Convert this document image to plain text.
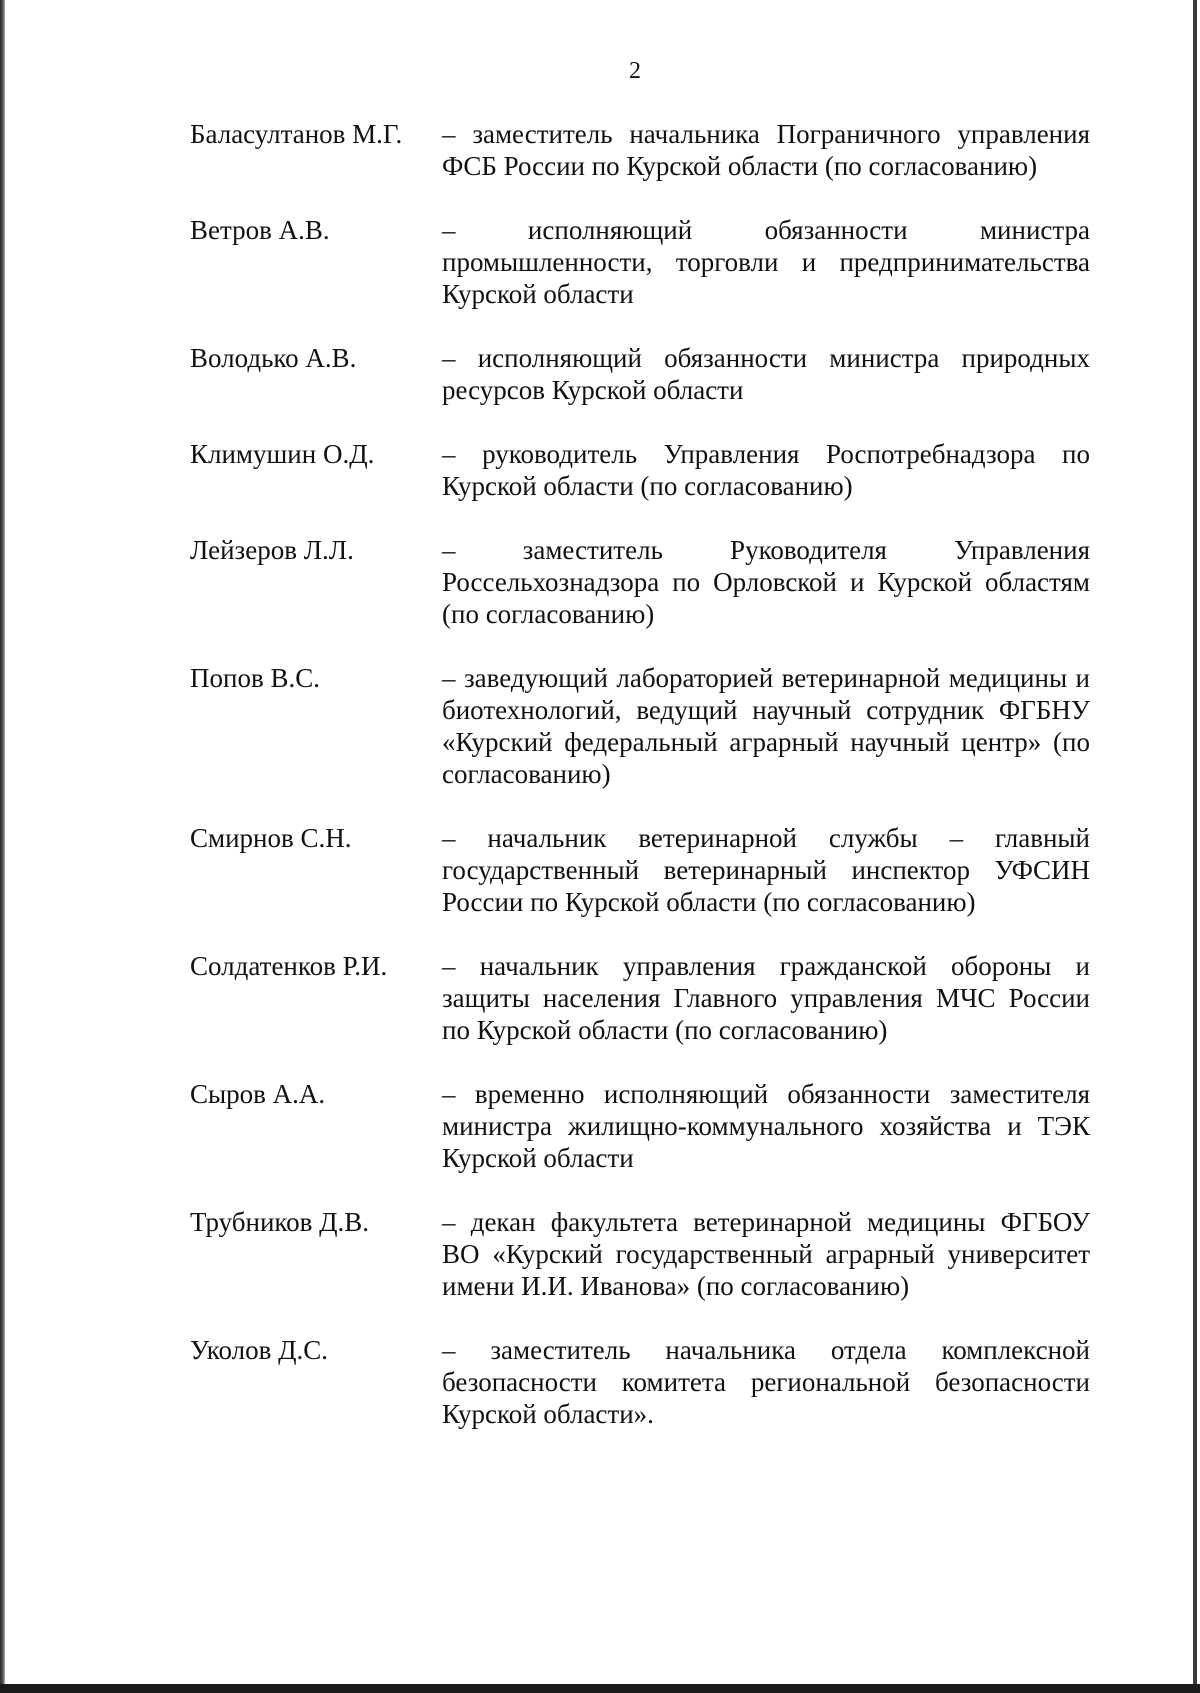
2
Баласултанов М.Г.	– заместитель начальника Пограничного управления ФСБ России по Курской области (по согласованию)
Ветров А.В.	– исполняющий обязанности министра промышленности, торговли и предпринимательства Курской области
Володько А.В.	– исполняющий обязанности министра природных ресурсов Курской области
Климушин О.Д.	– руководитель Управления Роспотребнадзора по Курской области (по согласованию)
Лейзеров Л.Л.	– заместитель Руководителя Управления Россельхознадзора по Орловской и Курской областям (по согласованию)
Попов В.С.	– заведующий лабораторией ветеринарной медицины и биотехнологий, ведущий научный сотрудник ФГБНУ «Курский федеральный аграрный научный центр» (по согласованию)
Смирнов С.Н.	– начальник ветеринарной службы – главный государственный ветеринарный инспектор УФСИН России по Курской области (по согласованию)
Солдатенков Р.И.	– начальник управления гражданской обороны и защиты населения Главного управления МЧС России по Курской области (по согласованию)
Сыров А.А.	– временно исполняющий обязанности заместителя министра жилищно-коммунального хозяйства и ТЭК Курской области
Трубников Д.В.	– декан факультета ветеринарной медицины ФГБОУ ВО «Курский государственный аграрный университет имени И.И. Иванова» (по согласованию)
Уколов Д.С.	– заместитель начальника отдела комплексной безопасности комитета региональной безопасности Курской области».
